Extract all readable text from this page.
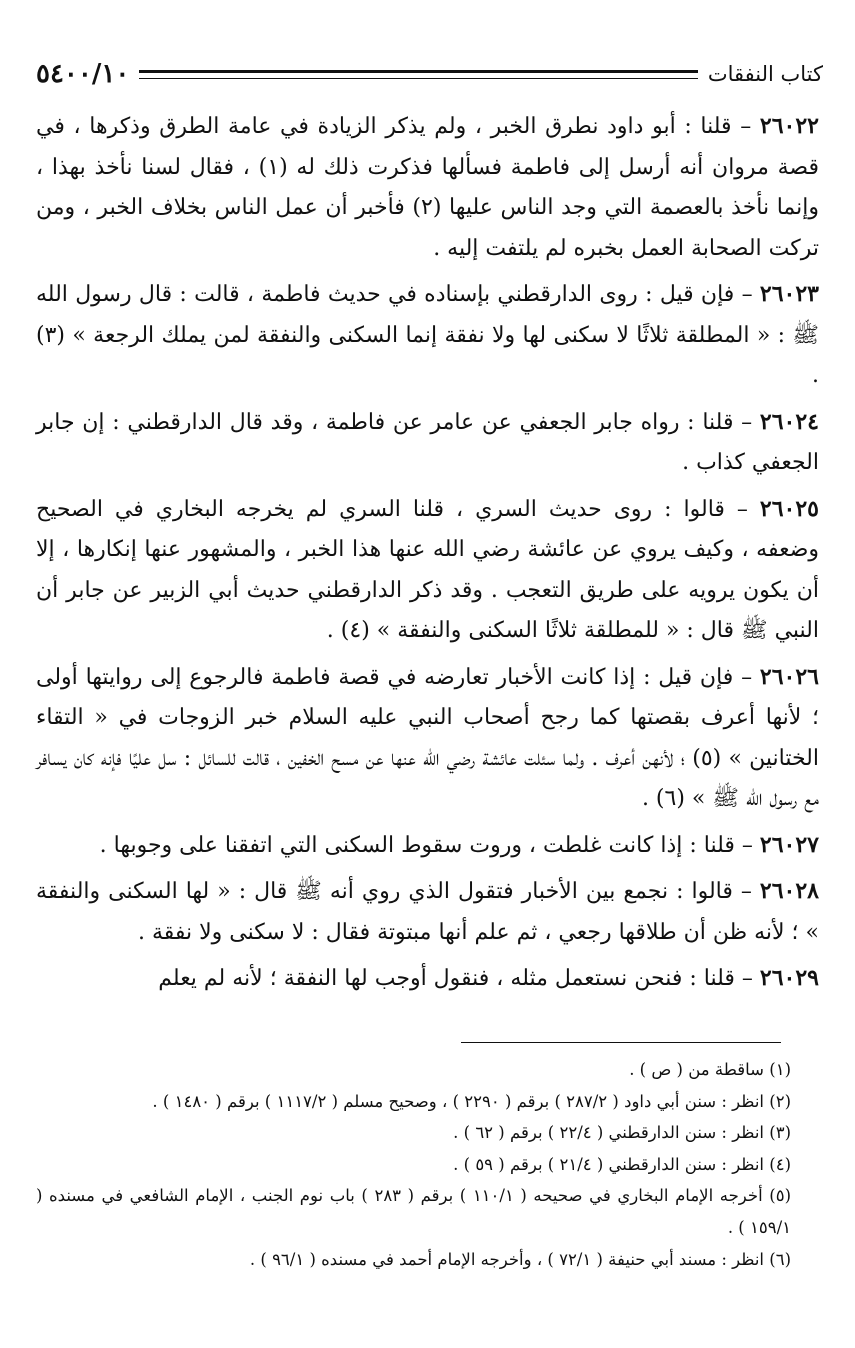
كتاب النفقات
٥٤٠٠/١٠

٢٦٠٢٢ – قلنا : أبو داود نطرق الخبر ، ولم يذكر الزيادة في عامة الطرق وذكرها ، في قصة مروان أنه أرسل إلى فاطمة فسألها فذكرت ذلك له (١) ، فقال لسنا نأخذ بهذا ، وإنما نأخذ بالعصمة التي وجد الناس عليها (٢) فأخبر أن عمل الناس بخلاف الخبر ، ومن تركت الصحابة العمل بخبره لم يلتفت إليه .

٢٦٠٢٣ – فإن قيل : روى الدارقطني بإسناده في حديث فاطمة ، قالت : قال رسول الله ﷺ : « المطلقة ثلاثًا لا سكنى لها ولا نفقة إنما السكنى والنفقة لمن يملك الرجعة » (٣) .

٢٦٠٢٤ – قلنا : رواه جابر الجعفي عن عامر عن فاطمة ، وقد قال الدارقطني : إن جابر الجعفي كذاب .

٢٦٠٢٥ – قالوا : روى حديث السري ، قلنا السري لم يخرجه البخاري في الصحيح وضعفه ، وكيف يروي عن عائشة رضي الله عنها هذا الخبر ، والمشهور عنها إنكارها ، إلا أن يكون يرويه على طريق التعجب . وقد ذكر الدارقطني حديث أبي الزبير عن جابر أن النبي ﷺ قال : « للمطلقة ثلاثًا السكنى والنفقة » (٤) .

٢٦٠٢٦ – فإن قيل : إذا كانت الأخبار تعارضه في قصة فاطمة فالرجوع إلى روايتها أولى ؛ لأنها أعرف بقصتها كما رجح أصحاب النبي عليه السلام خبر الزوجات في « التقاء الختانين » (٥) ؛ لأنهن أعرف . ولما سئلت عائشة رضي الله عنها عن مسح الخفين ، قالت للسائل : سل عليًا فإنه كان يسافر مع رسول الله ﷺ » (٦) .

٢٦٠٢٧ – قلنا : إذا كانت غلطت ، وروت سقوط السكنى التي اتفقنا على وجوبها .

٢٦٠٢٨ – قالوا : نجمع بين الأخبار فتقول الذي روي أنه ﷺ قال : « لها السكنى والنفقة » ؛ لأنه ظن أن طلاقها رجعي ، ثم علم أنها مبتوتة فقال : لا سكنى ولا نفقة .

٢٦٠٢٩ – قلنا : فنحن نستعمل مثله ، فنقول أوجب لها النفقة ؛ لأنه لم يعلم

(١) ساقطة من ( ص ) .

(٢) انظر : سنن أبي داود ( ٢٨٧/٢ ) برقم ( ٢٢٩٠ ) ، وصحيح مسلم ( ١١١٧/٢ ) برقم ( ١٤٨٠ ) .

(٣) انظر : سنن الدارقطني ( ٢٢/٤ ) برقم ( ٦٢ ) .

(٤) انظر : سنن الدارقطني ( ٢١/٤ ) برقم ( ٥٩ ) .

(٥) أخرجه الإمام البخاري في صحيحه ( ١١٠/١ ) برقم ( ٢٨٣ ) باب نوم الجنب ، الإمام الشافعي في مسنده ( ١٥٩/١ ) .

(٦) انظر : مسند أبي حنيفة ( ٧٢/١ ) ، وأخرجه الإمام أحمد في مسنده ( ٩٦/١ ) .
